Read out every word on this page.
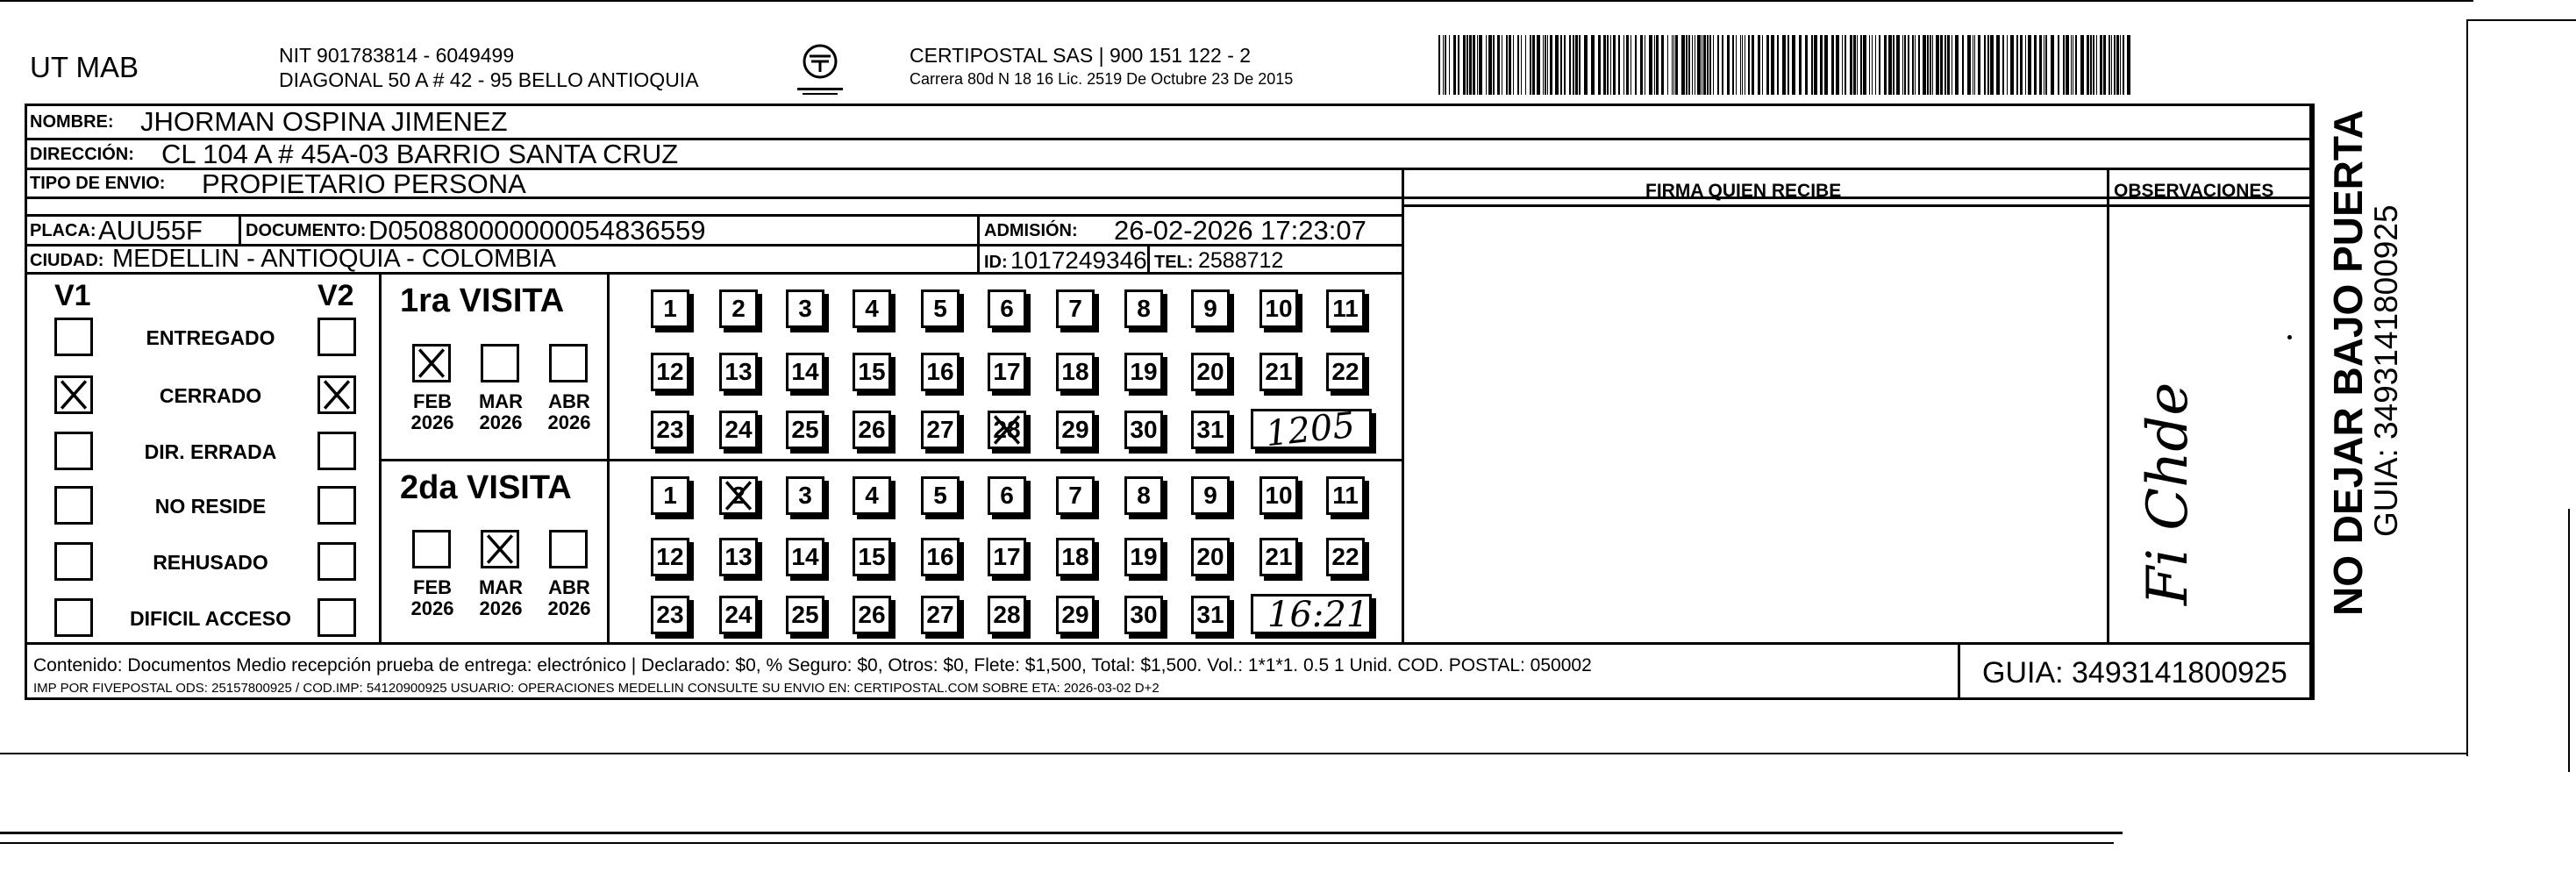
UT MAB	NIT 901783814 - 6049499
DIAGONAL 50 A # 42 - 95 BELLO ANTIOQUIA
CERTIPOSTAL SAS | 900 151 122 - 2
Carrera 80d N 18 16 Lic. 2519 De Octubre 23 De 2015
NOMBRE: JHORMAN OSPINA JIMENEZ
DIRECCIÓN: CL 104 A # 45A-03 BARRIO SANTA CRUZ
TIPO DE ENVIO: PROPIETARIO PERSONA	FIRMA QUIEN RECIBE	OBSERVACIONES
PLACA: AUU55F DOCUMENTO: D050880000000054836559	ADMISIÓN: 26-02-2026 17:23:07
CIUDAD: MEDELLIN - ANTIOQUIA - COLOMBIA	ID: 1017249346 TEL: 2588712
V1	V2
ENTREGADO
CERRADO
DIR. ERRADA
NO RESIDE
REHUSADO
DIFICIL ACCESO
1ra VISITA
2da VISITA
FEB
2026
MAR
2026
ABR
2026
FEB
2026
MAR
2026
ABR
2026
1	2	3	4	5	6	7	8	9	10 11
12 13 14 15 16 17 18 19 20 21 22
23 24 25 26 27 28 29 30 31
1	2	3	4	5	6	7	8	9	10 11
12 13 14 15 16 17 18 19 20 21 22
23 24 25 26 27 28 29 30 31
1205
16:21
Fi Chde	NO DEJAR BAJO PUERTA
GUIA: 3493141800925
Contenido: Documentos Medio recepción prueba de entrega: electrónico | Declarado: $0, % Seguro: $0, Otros: $0, Flete: $1,500, Total: $1,500. Vol.: 1*1*1. 0.5 1 Unid. COD. POSTAL: 050002
IMP POR FIVEPOSTAL ODS: 25157800925 / COD.IMP: 54120900925 USUARIO: OPERACIONES MEDELLIN CONSULTE SU ENVIO EN: CERTIPOSTAL.COM SOBRE ETA: 2026-03-02 D+2	GUIA: 3493141800925
